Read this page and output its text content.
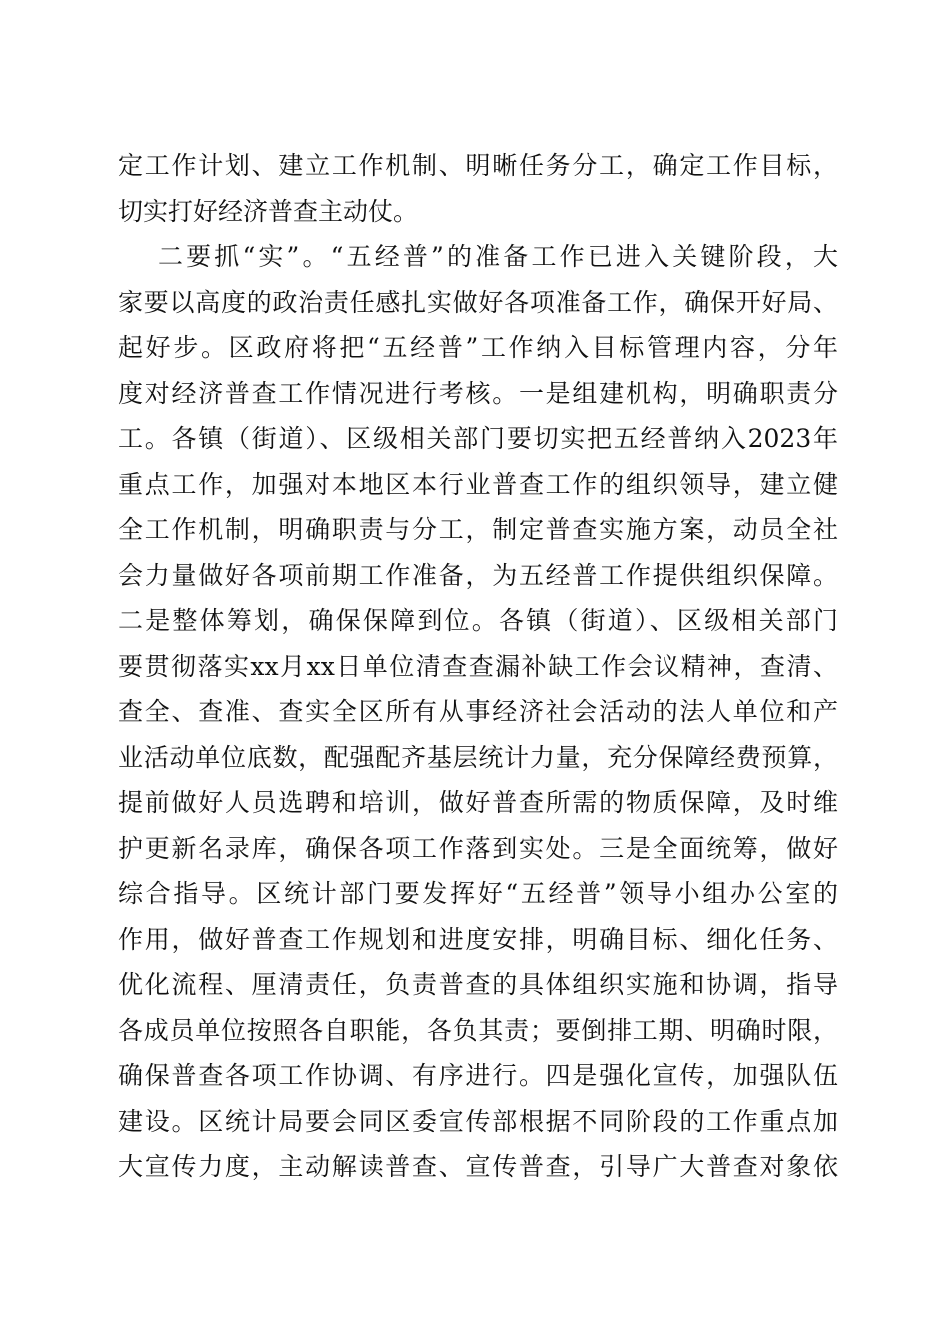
定工作计划、建立工作机制、明晰任务分工，确定工作目标，
切实打好经济普查主动仗。
二要抓“实”。“五经普”的准备工作已进入关键阶段，大
家要以高度的政治责任感扎实做好各项准备工作，确保开好局、
起好步。区政府将把“五经普”工作纳入目标管理内容，分年
度对经济普查工作情况进行考核。一是组建机构，明确职责分
工。各镇（街道）、区级相关部门要切实把五经普纳入2023年
重点工作，加强对本地区本行业普查工作的组织领导，建立健
全工作机制，明确职责与分工，制定普查实施方案，动员全社
会力量做好各项前期工作准备，为五经普工作提供组织保障。
二是整体筹划，确保保障到位。各镇（街道）、区级相关部门
要贯彻落实xx月xx日单位清查查漏补缺工作会议精神，查清、
查全、查准、查实全区所有从事经济社会活动的法人单位和产
业活动单位底数，配强配齐基层统计力量，充分保障经费预算，
提前做好人员选聘和培训，做好普查所需的物质保障，及时维
护更新名录库，确保各项工作落到实处。三是全面统筹，做好
综合指导。区统计部门要发挥好“五经普”领导小组办公室的
作用，做好普查工作规划和进度安排，明确目标、细化任务、
优化流程、厘清责任，负责普查的具体组织实施和协调，指导
各成员单位按照各自职能，各负其责；要倒排工期、明确时限，
确保普查各项工作协调、有序进行。四是强化宣传，加强队伍
建设。区统计局要会同区委宣传部根据不同阶段的工作重点加
大宣传力度，主动解读普查、宣传普查，引导广大普查对象依
